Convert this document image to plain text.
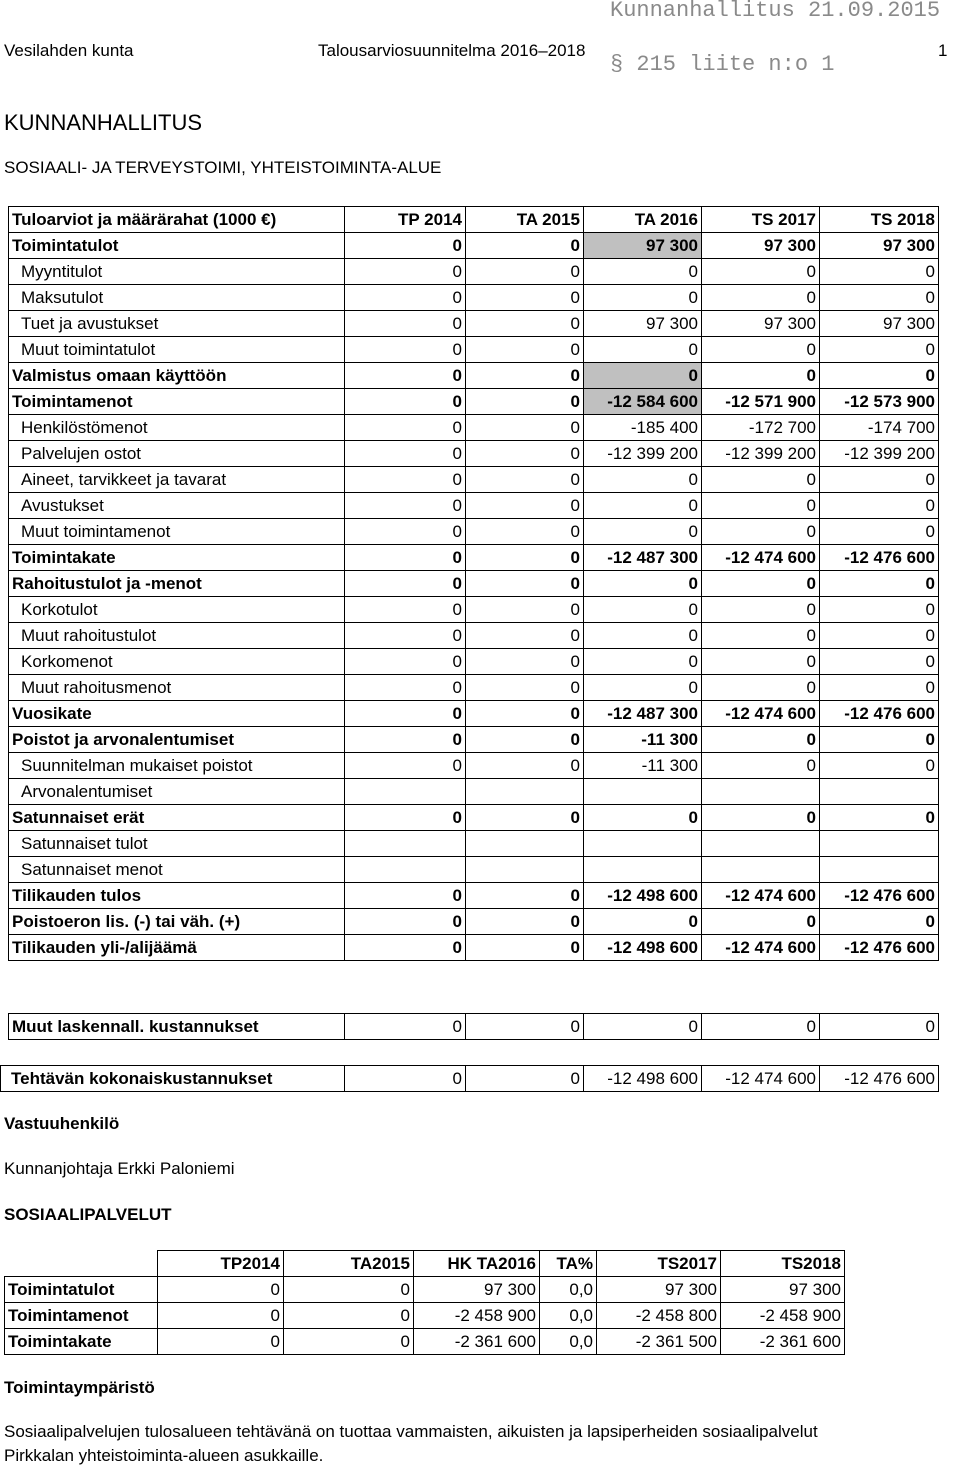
Kunnanhallitus 21.09.2015
§ 215 liite n:o 1
Vesilahden kunta	Talousarviosuunnitelma 2016–2018	1
KUNNANHALLITUS
SOSIAALI- JA TERVEYSTOIMI, YHTEISTOIMINTA-ALUE
Tuloarviot ja määrärahat (1000 €)	TP 2014	TA 2015	TA 2016	TS 2017	TS 2018
Toimintatulot	0	0	97 300	97 300	97 300
Myyntitulot	0	0	0	0	0
Maksutulot	0	0	0	0	0
Tuet ja avustukset	0	0	97 300	97 300	97 300
Muut toimintatulot	0	0	0	0	0
Valmistus omaan käyttöön	0	0	0	0	0
Toimintamenot	0	0	-12 584 600	-12 571 900	-12 573 900
Henkilöstömenot	0	0	-185 400	-172 700	-174 700
Palvelujen ostot	0	0	-12 399 200	-12 399 200	-12 399 200
Aineet, tarvikkeet ja tavarat	0	0	0	0	0
Avustukset	0	0	0	0	0
Muut toimintamenot	0	0	0	0	0
Toimintakate	0	0	-12 487 300	-12 474 600	-12 476 600
Rahoitustulot ja -menot	0	0	0	0	0
Korkotulot	0	0	0	0	0
Muut rahoitustulot	0	0	0	0	0
Korkomenot	0	0	0	0	0
Muut rahoitusmenot	0	0	0	0	0
Vuosikate	0	0	-12 487 300	-12 474 600	-12 476 600
Poistot ja arvonalentumiset	0	0	-11 300	0	0
Suunnitelman mukaiset poistot	0	0	-11 300	0	0
Arvonalentumiset					
Satunnaiset erät	0	0	0	0	0
Satunnaiset tulot					
Satunnaiset menot					
Tilikauden tulos	0	0	-12 498 600	-12 474 600	-12 476 600
Poistoeron lis. (-) tai väh. (+)	0	0	0	0	0
Tilikauden yli-/alijäämä	0	0	-12 498 600	-12 474 600	-12 476 600
Muut laskennall. kustannukset	0	0	0	0	0
Tehtävän kokonaiskustannukset	0	0	-12 498 600	-12 474 600	-12 476 600
Vastuuhenkilö
Kunnanjohtaja Erkki Paloniemi
SOSIAALIPALVELUT
	TP2014	TA2015	HK TA2016	TA%	TS2017	TS2018
Toimintatulot	0	0	97 300	0,0	97 300	97 300
Toimintamenot	0	0	-2 458 900	0,0	-2 458 800	-2 458 900
Toimintakate	0	0	-2 361 600	0,0	-2 361 500	-2 361 600
Toimintaympäristö
Sosiaalipalvelujen tulosalueen tehtävänä on tuottaa vammaisten, aikuisten ja lapsiperheiden sosiaalipalvelut
Pirkkalan yhteistoiminta-alueen asukkaille.
